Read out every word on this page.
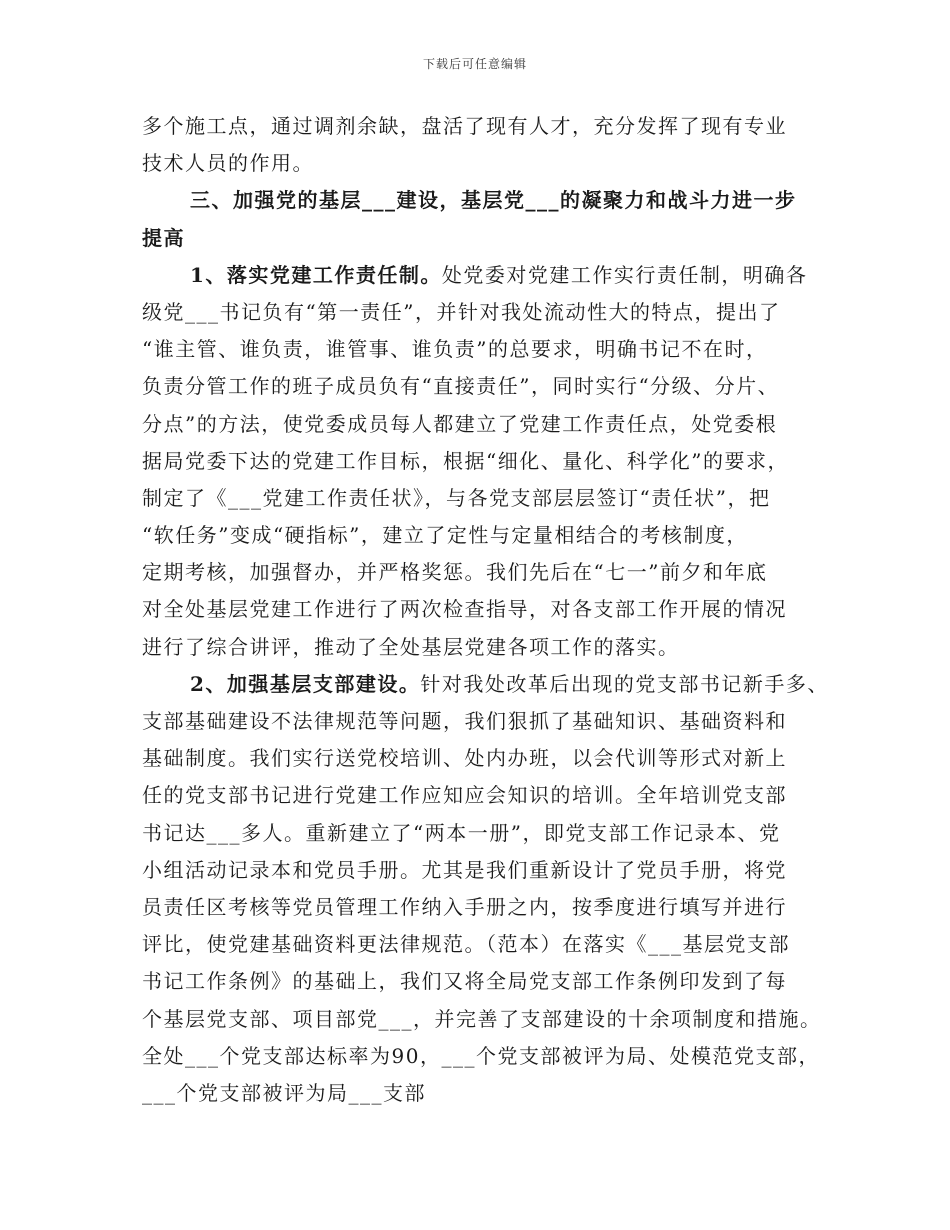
下载后可任意编辑
多个施工点，通过调剂余缺，盘活了现有人才，充分发挥了现有专业
技术人员的作用。
三、加强党的基层___建设，基层党___的凝聚力和战斗力进一步
提高
1、落实党建工作责任制。处党委对党建工作实行责任制，明确各
级党___书记负有“第一责任”，并针对我处流动性大的特点，提出了
“谁主管、谁负责，谁管事、谁负责”的总要求，明确书记不在时，
负责分管工作的班子成员负有“直接责任”，同时实行“分级、分片、
分点”的方法，使党委成员每人都建立了党建工作责任点，处党委根
据局党委下达的党建工作目标，根据“细化、量化、科学化”的要求，
制定了《___党建工作责任状》，与各党支部层层签订“责任状”，把
“软任务”变成“硬指标”，建立了定性与定量相结合的考核制度，
定期考核，加强督办，并严格奖惩。我们先后在“七一”前夕和年底
对全处基层党建工作进行了两次检查指导，对各支部工作开展的情况
进行了综合讲评，推动了全处基层党建各项工作的落实。
2、加强基层支部建设。针对我处改革后出现的党支部书记新手多、
支部基础建设不法律规范等问题，我们狠抓了基础知识、基础资料和
基础制度。我们实行送党校培训、处内办班，以会代训等形式对新上
任的党支部书记进行党建工作应知应会知识的培训。全年培训党支部
书记达___多人。重新建立了“两本一册”，即党支部工作记录本、党
小组活动记录本和党员手册。尤其是我们重新设计了党员手册，将党
员责任区考核等党员管理工作纳入手册之内，按季度进行填写并进行
评比，使党建基础资料更法律规范。（范本）在落实《___基层党支部
书记工作条例》的基础上，我们又将全局党支部工作条例印发到了每
个基层党支部、项目部党___，并完善了支部建设的十余项制度和措施。
全处___个党支部达标率为90，___个党支部被评为局、处模范党支部，
___个党支部被评为局___支部
